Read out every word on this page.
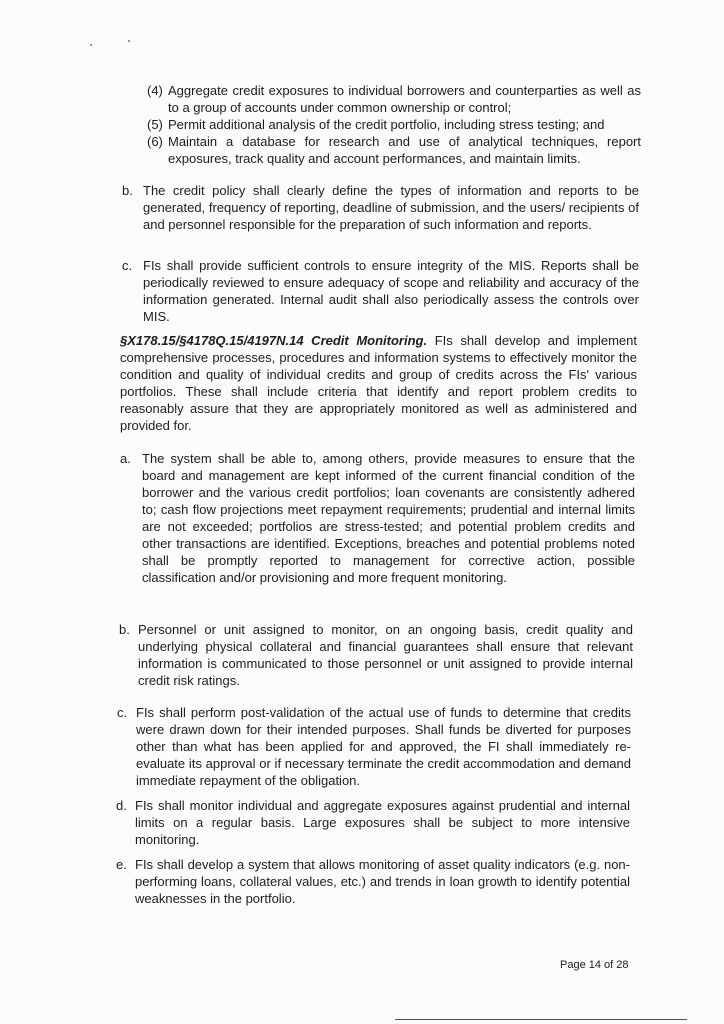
(4) Aggregate credit exposures to individual borrowers and counterparties as well as to a group of accounts under common ownership or control;
(5) Permit additional analysis of the credit portfolio, including stress testing; and
(6) Maintain a database for research and use of analytical techniques, report exposures, track quality and account performances, and maintain limits.
b. The credit policy shall clearly define the types of information and reports to be generated, frequency of reporting, deadline of submission, and the users/ recipients of and personnel responsible for the preparation of such information and reports.
c. FIs shall provide sufficient controls to ensure integrity of the MIS. Reports shall be periodically reviewed to ensure adequacy of scope and reliability and accuracy of the information generated. Internal audit shall also periodically assess the controls over MIS.
§X178.15/§4178Q.15/4197N.14 Credit Monitoring. FIs shall develop and implement comprehensive processes, procedures and information systems to effectively monitor the condition and quality of individual credits and group of credits across the FIs' various portfolios. These shall include criteria that identify and report problem credits to reasonably assure that they are appropriately monitored as well as administered and provided for.
a. The system shall be able to, among others, provide measures to ensure that the board and management are kept informed of the current financial condition of the borrower and the various credit portfolios; loan covenants are consistently adhered to; cash flow projections meet repayment requirements; prudential and internal limits are not exceeded; portfolios are stress-tested; and potential problem credits and other transactions are identified. Exceptions, breaches and potential problems noted shall be promptly reported to management for corrective action, possible classification and/or provisioning and more frequent monitoring.
b. Personnel or unit assigned to monitor, on an ongoing basis, credit quality and underlying physical collateral and financial guarantees shall ensure that relevant information is communicated to those personnel or unit assigned to provide internal credit risk ratings.
c. FIs shall perform post-validation of the actual use of funds to determine that credits were drawn down for their intended purposes. Shall funds be diverted for purposes other than what has been applied for and approved, the FI shall immediately re-evaluate its approval or if necessary terminate the credit accommodation and demand immediate repayment of the obligation.
d. FIs shall monitor individual and aggregate exposures against prudential and internal limits on a regular basis. Large exposures shall be subject to more intensive monitoring.
e. FIs shall develop a system that allows monitoring of asset quality indicators (e.g. non-performing loans, collateral values, etc.) and trends in loan growth to identify potential weaknesses in the portfolio.
Page 14 of 28
